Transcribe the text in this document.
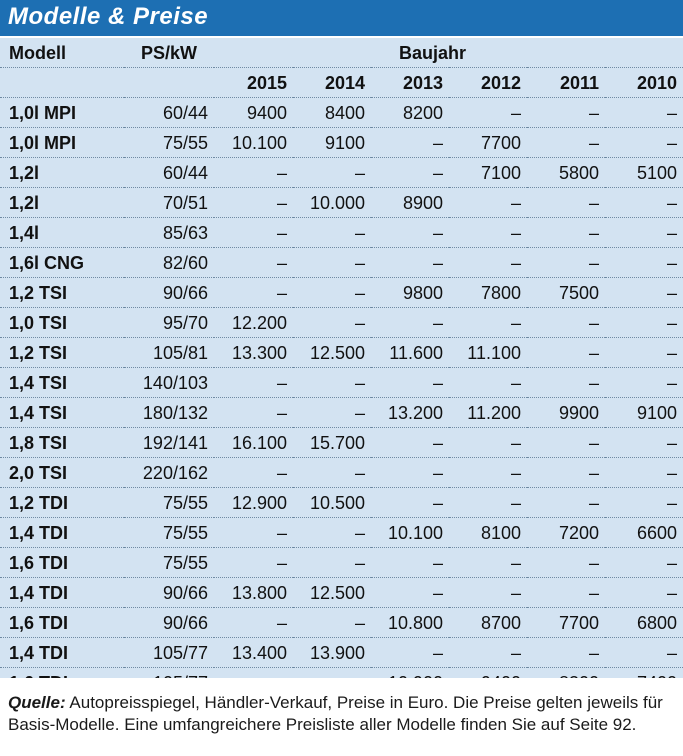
Modelle & Preise
Modell	PS/kW	Baujahr					
		2015	2014	2013	2012	2011	2010
1,0l MPI	60/44	9400	8400	8200	–	–	–
1,0l MPI	75/55	10.100	9100	–	7700	–	–
1,2l	60/44	–	–	–	7100	5800	5100
1,2l	70/51	–	10.000	8900	–	–	–
1,4l	85/63	–	–	–	–	–	–
1,6l CNG	82/60	–	–	–	–	–	–
1,2 TSI	90/66	–	–	9800	7800	7500	–
1,0 TSI	95/70	12.200	–	–	–	–	–
1,2 TSI	105/81	13.300	12.500	11.600	11.100	–	–
1,4 TSI	140/103	–	–	–	–	–	–
1,4 TSI	180/132	–	–	13.200	11.200	9900	9100
1,8 TSI	192/141	16.100	15.700	–	–	–	–
2,0 TSI	220/162	–	–	–	–	–	–
1,2 TDI	75/55	12.900	10.500	–	–	–	–
1,4 TDI	75/55	–	–	10.100	8100	7200	6600
1,6 TDI	75/55	–	–	–	–	–	–
1,4 TDI	90/66	13.800	12.500	–	–	–	–
1,6 TDI	90/66	–	–	10.800	8700	7700	6800
1,4 TDI	105/77	13.400	13.900	–	–	–	–

Quelle: Autopreisspiegel, Händler-Verkauf, Preise in Euro. Die Preise gelten jeweils für Basis-Modelle. Eine umfangreichere Preisliste aller Modelle finden Sie auf Seite 92.
